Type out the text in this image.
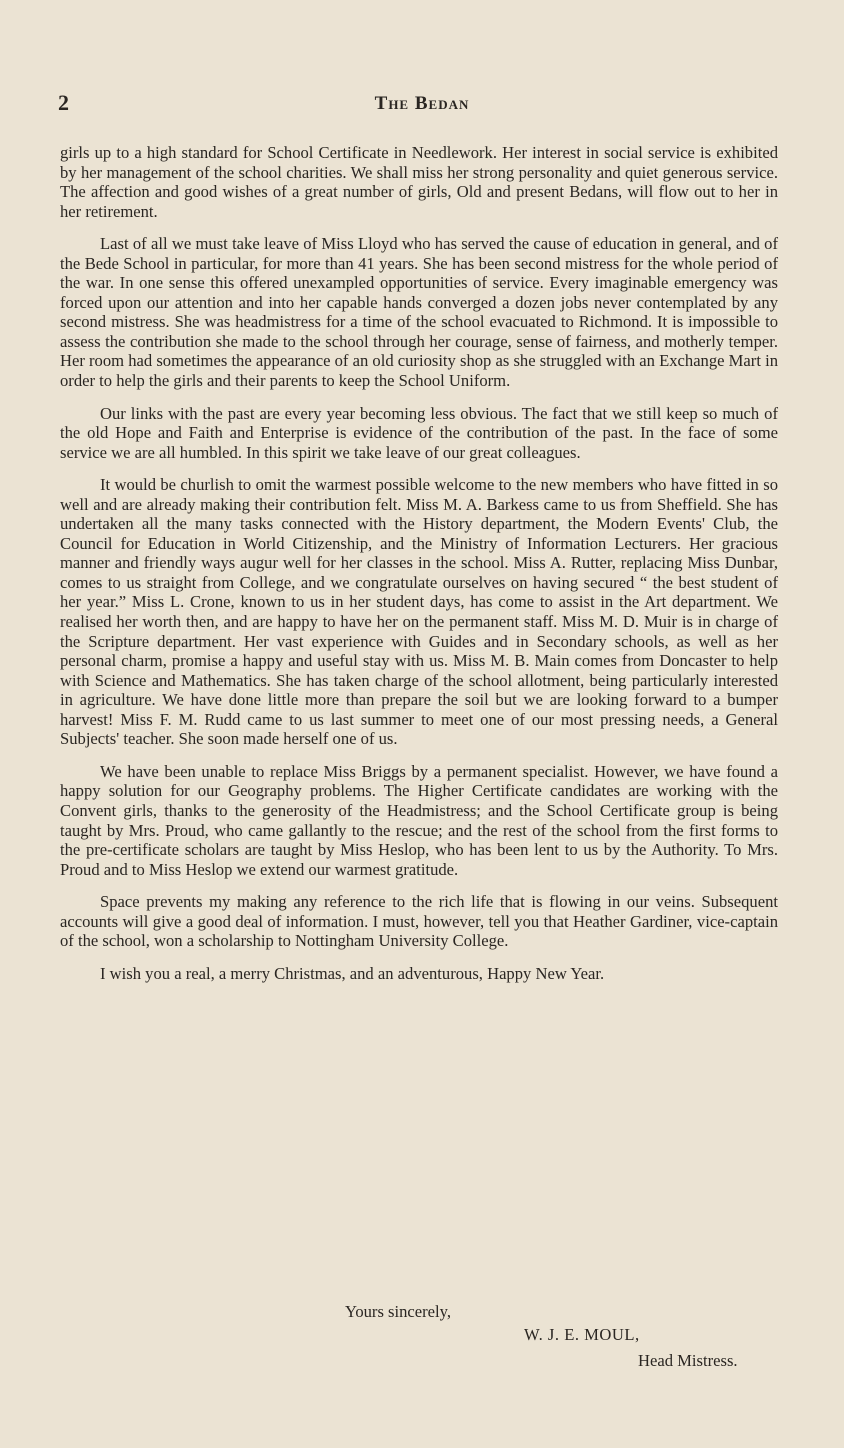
2	The Bedan

girls up to a high standard for School Certificate in Needlework. Her interest in social service is exhibited by her management of the school charities. We shall miss her strong personality and quiet generous service. The affection and good wishes of a great number of girls, Old and present Bedans, will flow out to her in her retirement.

Last of all we must take leave of Miss Lloyd who has served the cause of education in general, and of the Bede School in particular, for more than 41 years. She has been second mistress for the whole period of the war. In one sense this offered unexampled opportunities of service. Every imaginable emergency was forced upon our attention and into her capable hands converged a dozen jobs never contemplated by any second mistress. She was headmistress for a time of the school evacuated to Richmond. It is impossible to assess the contribution she made to the school through her courage, sense of fairness, and motherly temper. Her room had sometimes the appearance of an old curiosity shop as she struggled with an Exchange Mart in order to help the girls and their parents to keep the School Uniform.

Our links with the past are every year becoming less obvious. The fact that we still keep so much of the old Hope and Faith and Enterprise is evidence of the contribution of the past. In the face of some service we are all humbled. In this spirit we take leave of our great colleagues.

It would be churlish to omit the warmest possible welcome to the new members who have fitted in so well and are already making their contribution felt. Miss M. A. Barkess came to us from Sheffield. She has undertaken all the many tasks connected with the History department, the Modern Events' Club, the Council for Education in World Citizenship, and the Ministry of Information Lecturers. Her gracious manner and friendly ways augur well for her classes in the school. Miss A. Rutter, replacing Miss Dunbar, comes to us straight from College, and we congratulate ourselves on having secured “ the best student of her year.” Miss L. Crone, known to us in her student days, has come to assist in the Art department. We realised her worth then, and are happy to have her on the permanent staff. Miss M. D. Muir is in charge of the Scripture department. Her vast experience with Guides and in Secondary schools, as well as her personal charm, promise a happy and useful stay with us. Miss M. B. Main comes from Doncaster to help with Science and Mathematics. She has taken charge of the school allotment, being particularly interested in agriculture. We have done little more than prepare the soil but we are looking forward to a bumper harvest! Miss F. M. Rudd came to us last summer to meet one of our most pressing needs, a General Subjects' teacher. She soon made herself one of us.

We have been unable to replace Miss Briggs by a permanent specialist. However, we have found a happy solution for our Geography problems. The Higher Certificate candidates are working with the Convent girls, thanks to the generosity of the Headmistress; and the School Certificate group is being taught by Mrs. Proud, who came gallantly to the rescue; and the rest of the school from the first forms to the pre-certificate scholars are taught by Miss Heslop, who has been lent to us by the Authority. To Mrs. Proud and to Miss Heslop we extend our warmest gratitude.

Space prevents my making any reference to the rich life that is flowing in our veins. Subsequent accounts will give a good deal of information. I must, however, tell you that Heather Gardiner, vice-captain of the school, won a scholarship to Nottingham University College.

I wish you a real, a merry Christmas, and an adventurous, Happy New Year.

Yours sincerely,
W. J. E. MOUL,
Head Mistress.
